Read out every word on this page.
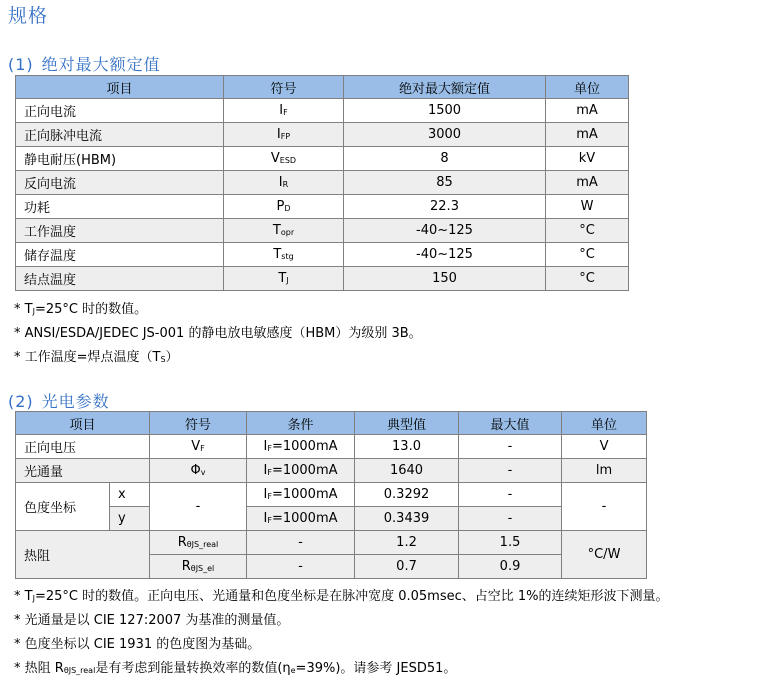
规格
(1) 绝对最大额定值
项目	符号	绝对最大额定值	单位
正向电流	IF	1500	mA
正向脉冲电流	IFP	3000	mA
静电耐压(HBM)	VESD	8	kV
反向电流	IR	85	mA
功耗	PD	22.3	W
工作温度	Topr	-40~125	°C
储存温度	Tstg	-40~125	°C
结点温度	TJ	150	°C
* TJ=25°C 时的数值。
* ANSI/ESDA/JEDEC JS-001 的静电放电敏感度（HBM）为级别 3B。
* 工作温度=焊点温度（TS）
(2) 光电参数
项目		符号	条件	典型值	最大值	单位
正向电压		VF	IF=1000mA	13.0	-	V
光通量		Φv	IF=1000mA	1640	-	lm
色度坐标	x	-	IF=1000mA	0.3292	-	-
	y		IF=1000mA	0.3439	-	
热阻		RθJS_real	-	1.2	1.5	°C/W
		RθJS_el	-	0.7	0.9	
* TJ=25°C 时的数值。正向电压、光通量和色度坐标是在脉冲宽度 0.05msec、占空比 1%的连续矩形波下测量。
* 光通量是以 CIE 127:2007 为基准的测量值。
* 色度坐标以 CIE 1931 的色度图为基础。
* 热阻 RθJS_real是有考虑到能量转换效率的数值(ηe=39%)。请参考 JESD51。
